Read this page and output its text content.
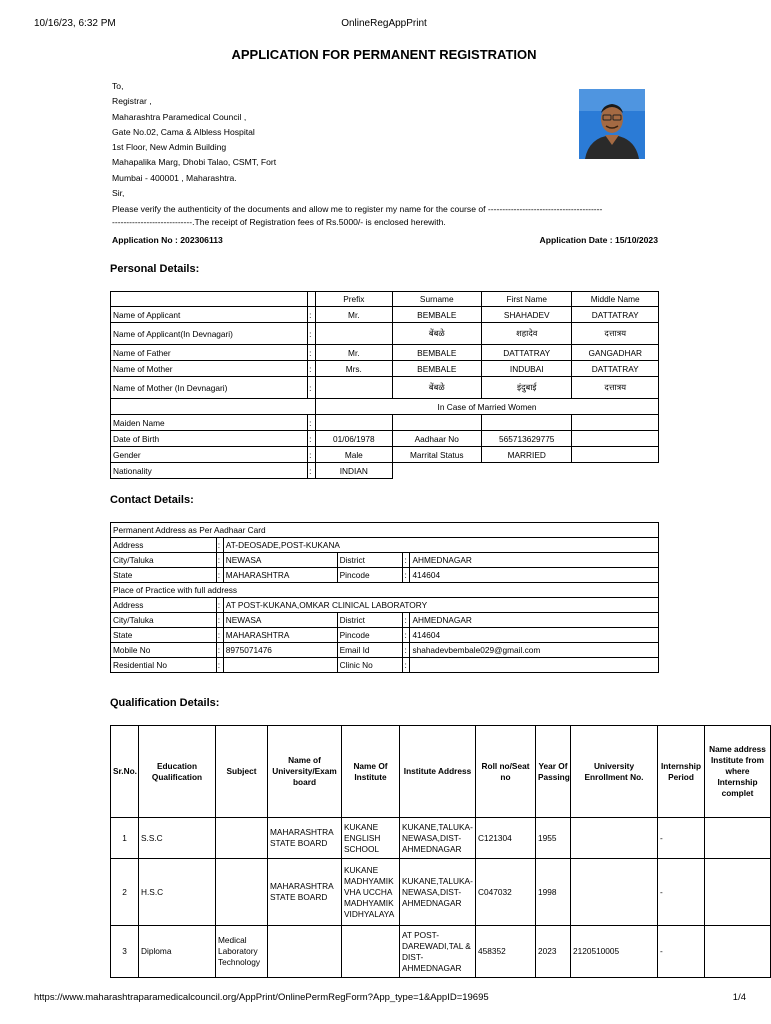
10/16/23, 6:32 PM	OnlineRegAppPrint
APPLICATION FOR PERMANENT REGISTRATION
To,
Registrar ,
Maharashtra Paramedical Council ,
Gate No.02, Cama & Albless Hospital
1st Floor, New Admin Building
Mahapalika Marg, Dhobi Talao, CSMT, Fort
Mumbai - 400001 , Maharashtra.
Sir,
Please verify the authenticity of the documents and allow me to register my name for the course of ----------------------------------------
----------------------------.The receipt of Registration fees of Rs.5000/- is enclosed herewith.
Application No : 202306113	Application Date : 15/10/2023
Personal Details:
		Prefix	Surname	First Name	Middle Name
Name of Applicant	:	Mr.	BEMBALE	SHAHADEV	DATTATRAY
Name of Applicant(In Devnagari)	:		बेंबळे	शहादेव	दत्तात्रय
Name of Father	:	Mr.	BEMBALE	DATTATRAY	GANGADHAR
Name of Mother	:	Mrs.	BEMBALE	INDUBAI	DATTATRAY
Name of Mother (In Devnagari)	:		बेंबळे	इंदुबाई	दत्तात्रय
		In Case of Married Women			
Maiden Name	:				
Date of Birth	:	01/06/1978	Aadhaar No	565713629775	
Gender	:	Male	Marrital Status	MARRIED	
Nationality	:	INDIAN			
Contact Details:
Permanent Address as Per Aadhaar Card					
Address	:	AT-DEOSADE,POST-KUKANA			
City/Taluka	:	NEWASA	District	:	AHMEDNAGAR
State	:	MAHARASHTRA	Pincode	:	414604
Place of Practice with full address					
Address	:	AT POST-KUKANA,OMKAR CLINICAL LABORATORY			
City/Taluka	:	NEWASA	District	:	AHMEDNAGAR
State	:	MAHARASHTRA	Pincode	:	414604
Mobile No	:	8975071476	Email Id	:	shahadevbembale029@gmail.com
Residential No	:		Clinic No	:	
Qualification Details:
Sr.No.	Education Qualification	Subject	Name of University/Exam board	Name Of Institute	Institute Address	Roll no/Seat no	Year Of Passing	University Enrollment No.	Internship Period	Name address Institute from where Internship complet
1	S.S.C		MAHARASHTRA STATE BOARD	KUKANE ENGLISH SCHOOL	KUKANE,TALUKA-NEWASA,DIST-AHMEDNAGAR	C121304	1955		-	
2	H.S.C		MAHARASHTRA STATE BOARD	KUKANE MADHYAMIK VHA UCCHA MADHYAMIK VIDHYALAYA	KUKANE,TALUKA-NEWASA,DIST-AHMEDNAGAR	C047032	1998		-	
3	Diploma	Medical Laboratory Technology			AT POST-DAREWADI,TAL & DIST-AHMEDNAGAR	458352	2023	2120510005	-	
https://www.maharashtraparamedicalcouncil.org/AppPrint/OnlinePermRegForm?App_type=1&AppID=19695	1/4
